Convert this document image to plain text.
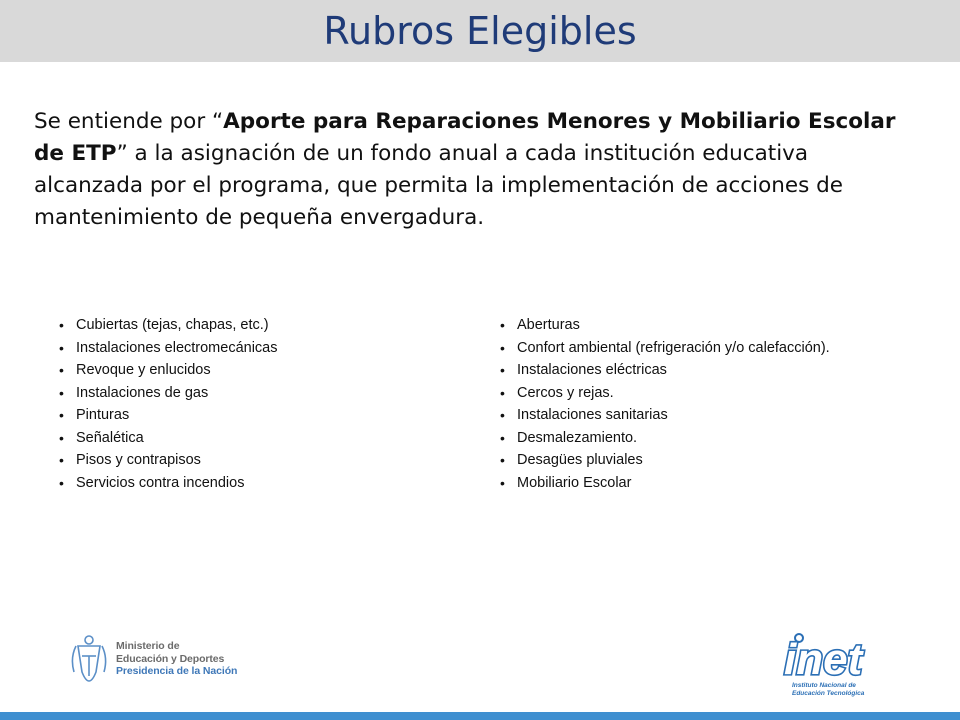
Rubros Elegibles
Se entiende por “Aporte para Reparaciones Menores y Mobiliario Escolar de ETP” a la asignación de un fondo anual a cada institución educativa alcanzada por el programa, que permita la implementación de acciones de mantenimiento de pequeña envergadura.
• Cubiertas (tejas, chapas, etc.)
• Instalaciones electromecánicas
• Revoque y enlucidos
• Instalaciones de gas
• Pinturas
• Señalética
• Pisos y contrapisos
• Servicios contra incendios
• Aberturas
• Confort ambiental (refrigeración y/o calefacción).
• Instalaciones eléctricas
• Cercos y rejas.
• Instalaciones sanitarias
• Desmalezamiento.
• Desagües pluviales
• Mobiliario Escolar
Ministerio de
Educación y Deportes
Presidencia de la Nación	inet
Instituto Nacional de
Educación Tecnológica
